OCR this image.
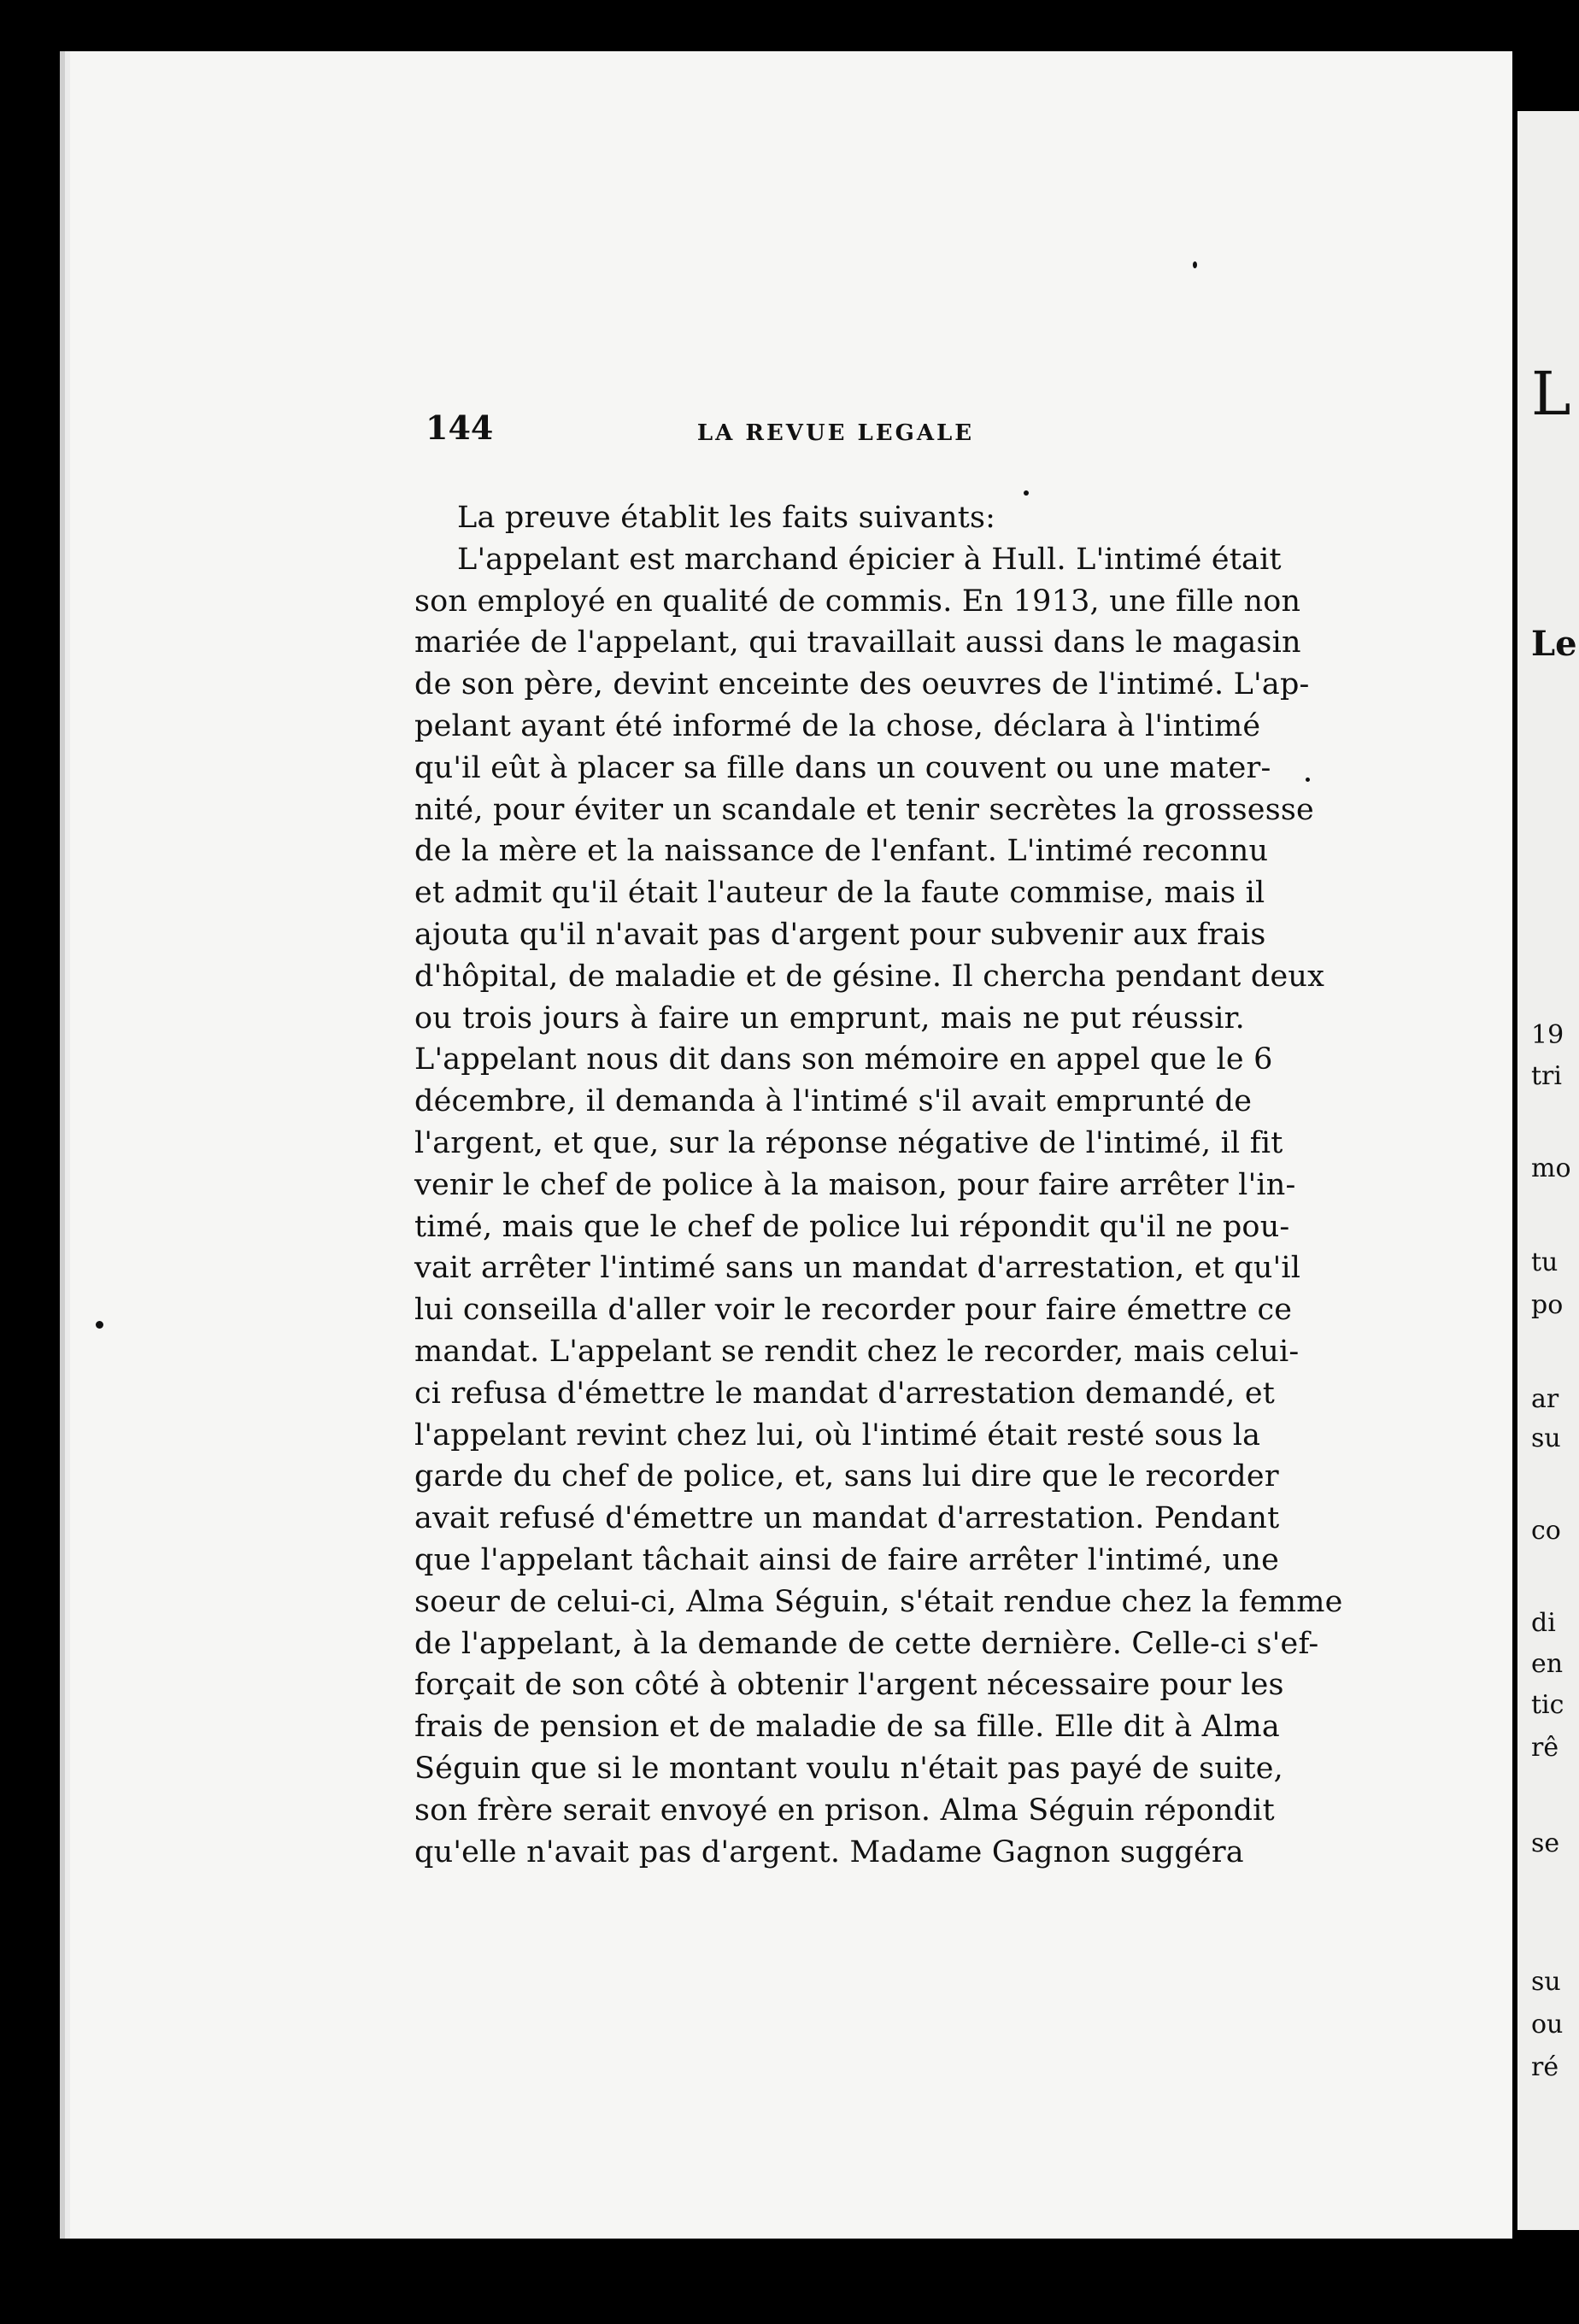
L
Le
19
tri
mo
tu
po
ar
su
co
di
en
tic
rê
se
su
ou
ré
144	LA REVUE LEGALE
La preuve établit les faits suivants:
L'appelant est marchand épicier à Hull. L'intimé était
son employé en qualité de commis. En 1913, une fille non
mariée de l'appelant, qui travaillait aussi dans le magasin
de son père, devint enceinte des oeuvres de l'intimé. L'ap-
pelant ayant été informé de la chose, déclara à l'intimé
qu'il eût à placer sa fille dans un couvent ou une mater-
nité, pour éviter un scandale et tenir secrètes la grossesse
de la mère et la naissance de l'enfant. L'intimé reconnu
et admit qu'il était l'auteur de la faute commise, mais il
ajouta qu'il n'avait pas d'argent pour subvenir aux frais
d'hôpital, de maladie et de gésine. Il chercha pendant deux
ou trois jours à faire un emprunt, mais ne put réussir.
L'appelant nous dit dans son mémoire en appel que le 6
décembre, il demanda à l'intimé s'il avait emprunté de
l'argent, et que, sur la réponse négative de l'intimé, il fit
venir le chef de police à la maison, pour faire arrêter l'in-
timé, mais que le chef de police lui répondit qu'il ne pou-
vait arrêter l'intimé sans un mandat d'arrestation, et qu'il
lui conseilla d'aller voir le recorder pour faire émettre ce
mandat. L'appelant se rendit chez le recorder, mais celui-
ci refusa d'émettre le mandat d'arrestation demandé, et
l'appelant revint chez lui, où l'intimé était resté sous la
garde du chef de police, et, sans lui dire que le recorder
avait refusé d'émettre un mandat d'arrestation. Pendant
que l'appelant tâchait ainsi de faire arrêter l'intimé, une
soeur de celui-ci, Alma Séguin, s'était rendue chez la femme
de l'appelant, à la demande de cette dernière. Celle-ci s'ef-
forçait de son côté à obtenir l'argent nécessaire pour les
frais de pension et de maladie de sa fille. Elle dit à Alma
Séguin que si le montant voulu n'était pas payé de suite,
son frère serait envoyé en prison. Alma Séguin répondit
qu'elle n'avait pas d'argent. Madame Gagnon suggéra
